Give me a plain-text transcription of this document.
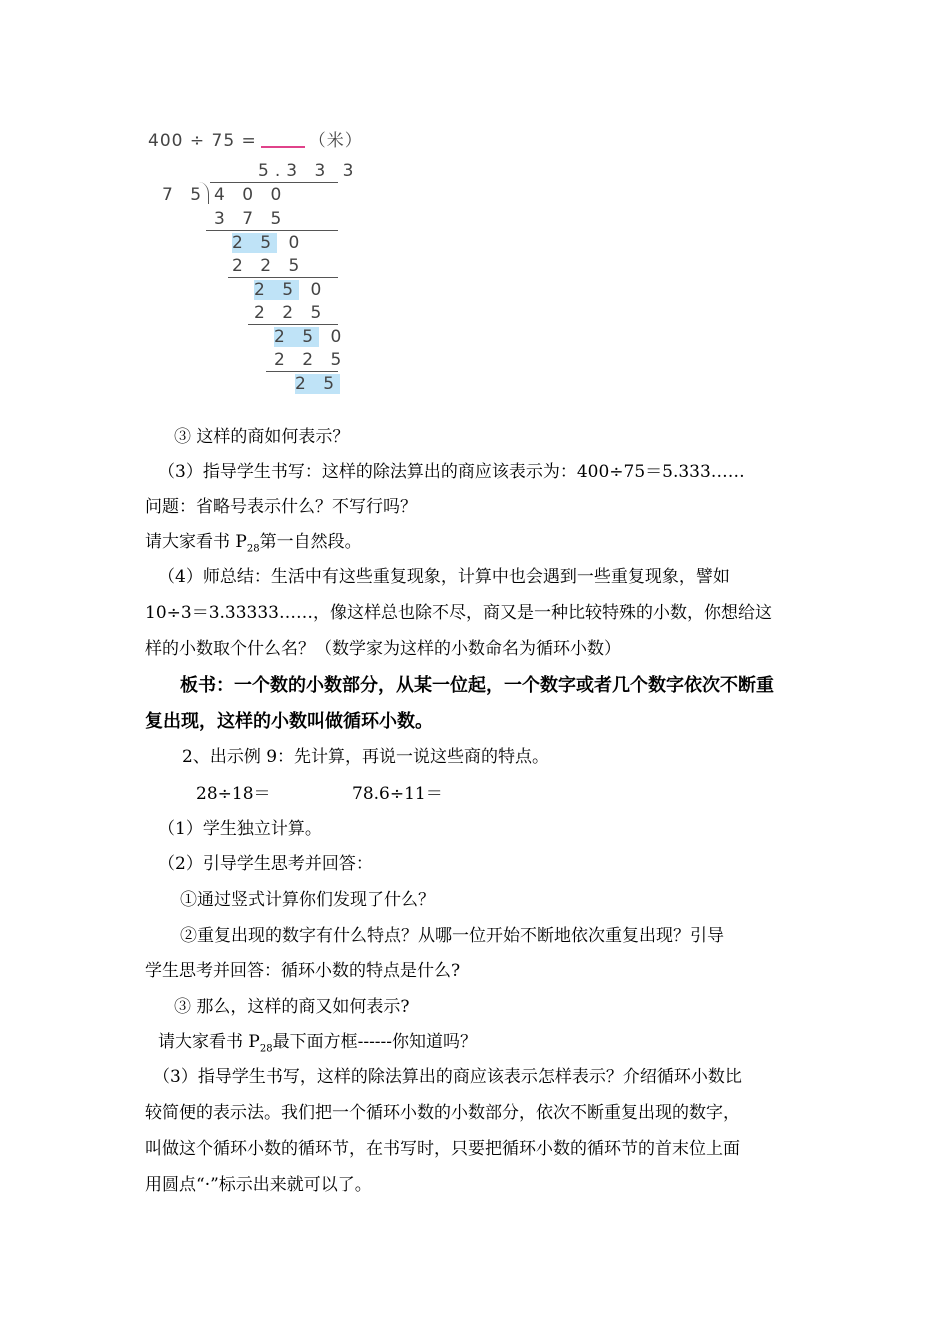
400 ÷ 75 =	（米）
5.3 3 3
7 5 4 0 0
3 7 5
2 5 0
2 2 5
2 5 0
2 2 5
2 5 0
2 2 5
2 5
③ 这样的商如何表示？
（3）指导学生书写：这样的除法算出的商应该表示为：400÷75＝5.333……
问题：省略号表示什么？不写行吗？
请大家看书 $P_{28}$第一自然段。
（4）师总结：生活中有这些重复现象，计算中也会遇到一些重复现象，譬如
10÷3＝3.33333……，像这样总也除不尽，商又是一种比较特殊的小数，你想给这
样的小数取个什么名？（数学家为这样的小数命名为循环小数）
板书：一个数的小数部分，从某一位起，一个数字或者几个数字依次不断重
复出现，这样的小数叫做循环小数。
2、出示例 9：先计算，再说一说这些商的特点。
28÷18＝	78.6÷11＝
（1）学生独立计算。
（2）引导学生思考并回答：
①通过竖式计算你们发现了什么？
②重复出现的数字有什么特点？从哪一位开始不断地依次重复出现？引导
学生思考并回答：循环小数的特点是什么?
③ 那么，这样的商又如何表示?
请大家看书 $P_{28}$最下面方框------你知道吗？
（3）指导学生书写，这样的除法算出的商应该表示怎样表示？介绍循环小数比
较简便的表示法。我们把一个循环小数的小数部分，依次不断重复出现的数字，
叫做这个循环小数的循环节，在书写时，只要把循环小数的循环节的首末位上面
用圆点“·”标示出来就可以了。
